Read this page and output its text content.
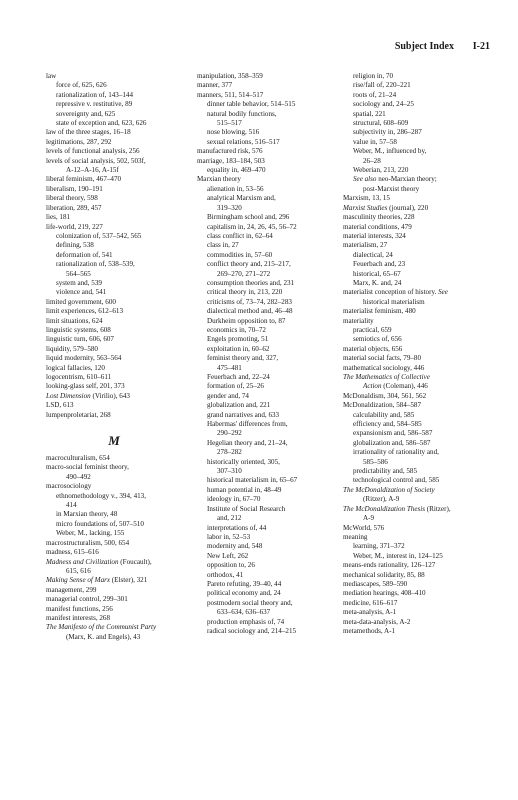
Subject Index I-21
law
force of, 625, 626
rationalization of, 143–144
repressive v. restitutive, 89
sovereignty and, 625
state of exception and, 623, 626
law of the three stages, 16–18
legitimations, 287, 292
levels of functional analysis, 256
levels of social analysis, 502, 503f,
A-12–A-16, A-15f
liberal feminism, 467–470
liberalism, 190–191
liberal theory, 598
liberation, 289, 457
lies, 181
life-world, 219, 227
colonization of, 537–542, 565
defining, 538
deformation of, 541
rationalization of, 538–539,
564–565
system and, 539
violence and, 541
limited government, 600
limit experiences, 612–613
limit situations, 624
linguistic systems, 608
linguistic turn, 606, 607
liquidity, 579–580
liquid modernity, 563–564
logical fallacies, 120
logocentrism, 610–611
looking-glass self, 201, 373
Lost Dimension (Virilio), 643
LSD, 613
lumpenproletariat, 268
M
macroculturalism, 654
macro-social feminist theory,
490–492
macrosociology
ethnomethodology v., 394, 413,
414
in Marxian theory, 48
micro foundations of, 507–510
Weber, M., lacking, 155
macrostructuralism, 500, 654
madness, 615–616
Madness and Civilization (Foucault),
615, 616
Making Sense of Marx (Elster), 321
management, 299
managerial control, 299–301
manifest functions, 256
manifest interests, 268
The Manifesto of the Communist Party
(Marx, K. and Engels), 43
manipulation, 358–359
manner, 377
manners, 511, 514–517
dinner table behavior, 514–515
natural bodily functions,
515–517
nose blowing, 516
sexual relations, 516–517
manufactured risk, 576
marriage, 183–184, 503
equality in, 469–470
Marxian theory
alienation in, 53–56
analytical Marxism and,
319–320
Birmingham school and, 296
capitalism in, 24, 26, 45, 56–72
class conflict in, 62–64
class in, 27
commodities in, 57–60
conflict theory and, 215–217,
269–270, 271–272
consumption theories and, 231
critical theory in, 213, 220
criticisms of, 73–74, 282–283
dialectical method and, 46–48
Durkheim opposition to, 87
economics in, 70–72
Engels promoting, 51
exploitation in, 60–62
feminist theory and, 327,
475–481
Feuerbach and, 22–24
formation of, 25–26
gender and, 74
globalization and, 221
grand narratives and, 633
Habermas' differences from,
290–292
Hegelian theory and, 21–24,
278–282
historically oriented, 305,
307–310
historical materialism in, 65–67
human potential in, 48–49
ideology in, 67–70
Institute of Social Research
and, 212
interpretations of, 44
labor in, 52–53
modernity and, 548
New Left, 262
opposition to, 26
orthodox, 41
Pareto refuting, 39–40, 44
political economy and, 24
postmodern social theory and,
633–634, 636–637
production emphasis of, 74
radical sociology and, 214–215
religion in, 70
rise/fall of, 220–221
roots of, 21–24
sociology and, 24–25
spatial, 221
structural, 608–609
subjectivity in, 286–287
value in, 57–58
Weber, M., influenced by,
26–28
Weberian, 213, 220
See also neo-Marxian theory;
post-Marxist theory
Marxism, 13, 15
Marxist Studies (journal), 220
masculinity theories, 228
material conditions, 479
material interests, 324
materialism, 27
dialectical, 24
Feuerbach and, 23
historical, 65–67
Marx, K. and, 24
materialist conception of history. See
historical materialism
materialist feminism, 480
materiality
practical, 659
semiotics of, 656
material objects, 656
material social facts, 79–80
mathematical sociology, 446
The Mathematics of Collective
Action (Coleman), 446
McDonaldism, 304, 561, 562
McDonaldization, 584–587
calculability and, 585
efficiency and, 584–585
expansionism and, 586–587
globalization and, 586–587
irrationality of rationality and,
585–586
predictability and, 585
technological control and, 585
The McDonaldization of Society
(Ritzer), A-9
The McDonaldization Thesis (Ritzer),
A-9
McWorld, 576
meaning
learning, 371–372
Weber, M., interest in, 124–125
means-ends rationality, 126–127
mechanical solidarity, 85, 88
mediascapes, 589–590
mediation hearings, 408–410
medicine, 616–617
meta-analysis, A-1
meta-data-analysis, A-2
metamethods, A-1
